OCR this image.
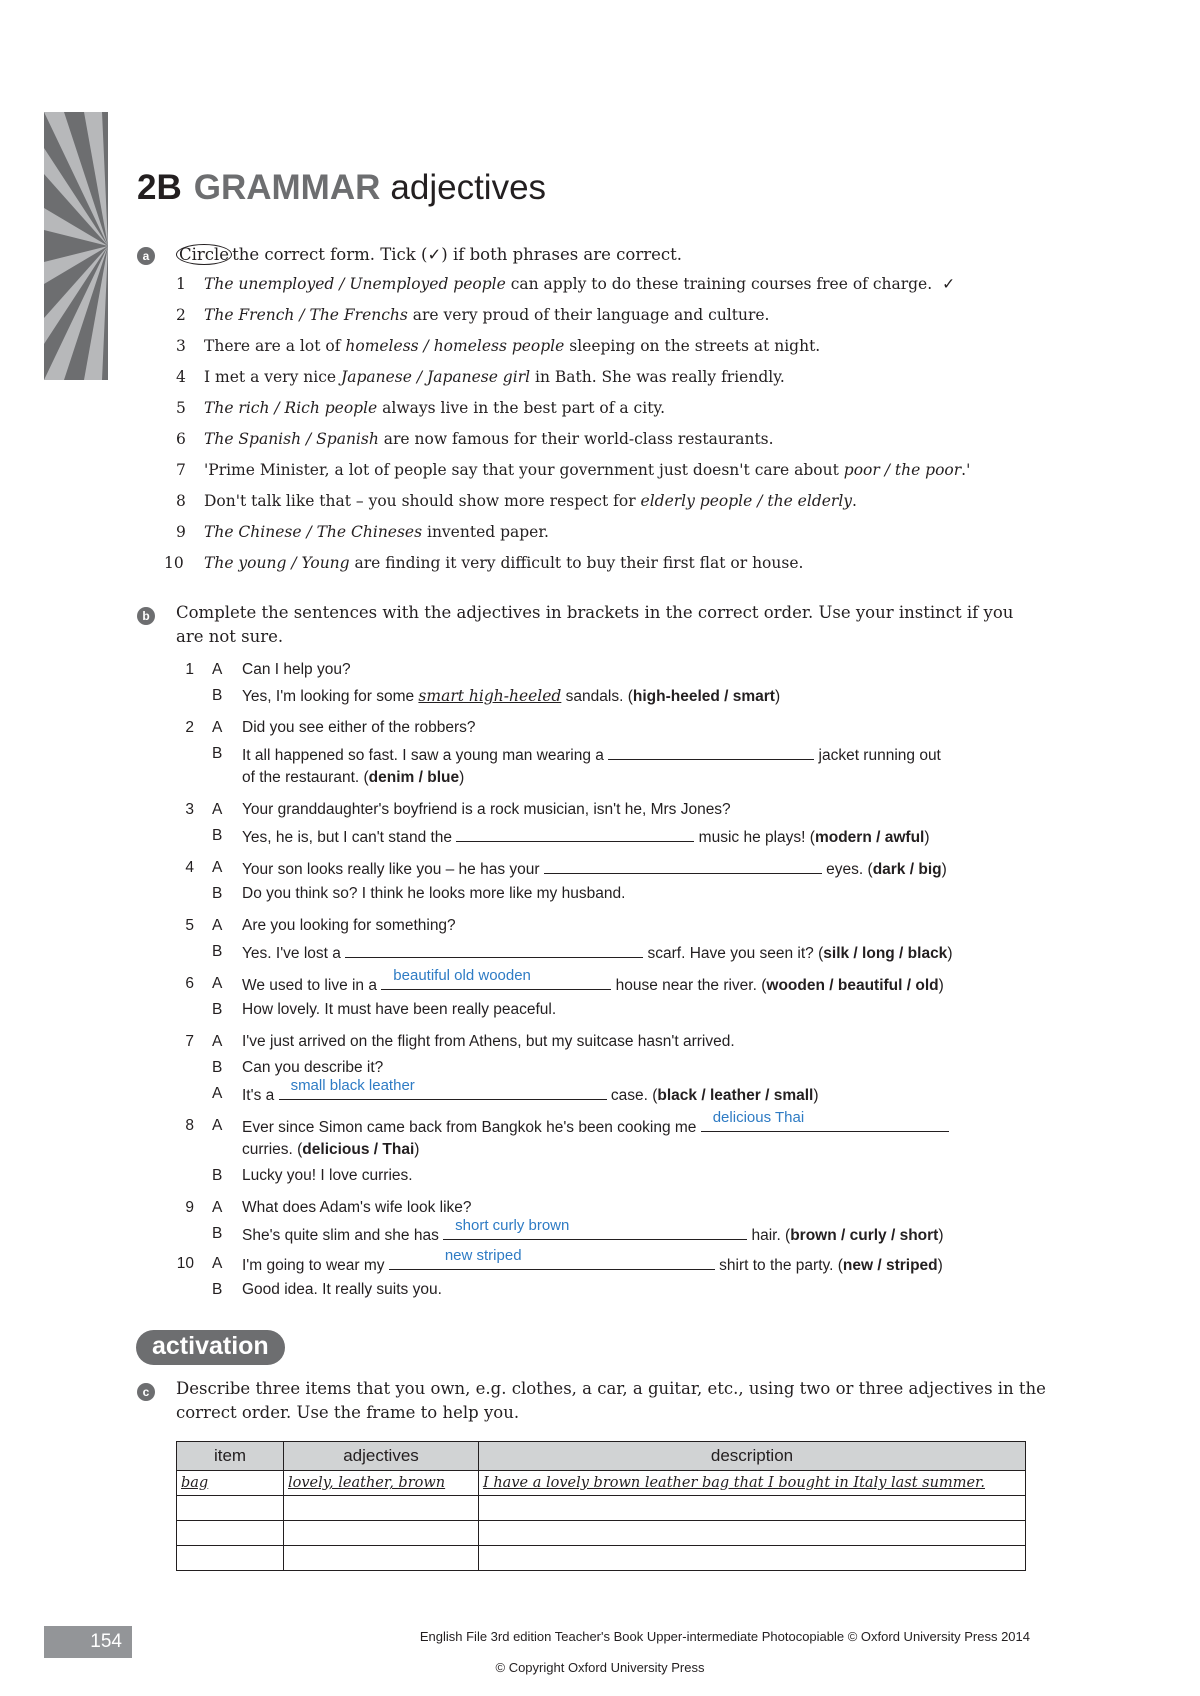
2B GRAMMAR adjectives
a	Circle the correct form. Tick (✓) if both phrases are correct.
1 The unemployed / Unemployed people can apply to do these training courses free of charge. ✓
2 The French / The Frenchs are very proud of their language and culture.
3 There are a lot of homeless / homeless people sleeping on the streets at night.
4 I met a very nice Japanese / Japanese girl in Bath. She was really friendly.
5 The rich / Rich people always live in the best part of a city.
6 The Spanish / Spanish are now famous for their world-class restaurants.
7 'Prime Minister, a lot of people say that your government just doesn't care about poor / the poor.'
8 Don't talk like that – you should show more respect for elderly people / the elderly.
9 The Chinese / The Chineses invented paper.
10 The young / Young are finding it very difficult to buy their first flat or house.
b	Complete the sentences with the adjectives in brackets in the correct order. Use your instinct if you are not sure.
1 A Can I help you?
B Yes, I'm looking for some smart high-heeled sandals. (high-heeled / smart)
2 A Did you see either of the robbers?
B It all happened so fast. I saw a young man wearing a	jacket running out
of the restaurant. (denim / blue)
3 A Your granddaughter's boyfriend is a rock musician, isn't he, Mrs Jones?
B Yes, he is, but I can't stand the	music he plays! (modern / awful)
4 A Your son looks really like you – he has your	eyes. (dark / big)
B Do you think so? I think he looks more like my husband.
5 A Are you looking for something?
B Yes. I've lost a	scarf. Have you seen it? (silk / long / black)
6 A We used to live in a
beautiful old wooden
house near the river. (wooden / beautiful / old)
B How lovely. It must have been really peaceful.
7 A I've just arrived on the flight from Athens, but my suitcase hasn't arrived.
B Can you describe it?
A It's a
small black leather
case. (black / leather / small)
8 A Ever since Simon came back from Bangkok he's been cooking me
delicious Thai
curries. (delicious / Thai)
B Lucky you! I love curries.
9 A What does Adam's wife look like?
B She's quite slim and she has
short curly brown
hair. (brown / curly / short)
10 A I'm going to wear my
new striped
shirt to the party. (new / striped)
B Good idea. It really suits you.
activation
c	Describe three items that you own, e.g. clothes, a car, a guitar, etc., using two or three adjectives in the correct order. Use the frame to help you.
item	adjectives	description
bag	lovely, leather, brown	I have a lovely brown leather bag that I bought in Italy last summer.

154	English File 3rd edition Teacher's Book Upper-intermediate Photocopiable © Oxford University Press 2014
© Copyright Oxford University Press
